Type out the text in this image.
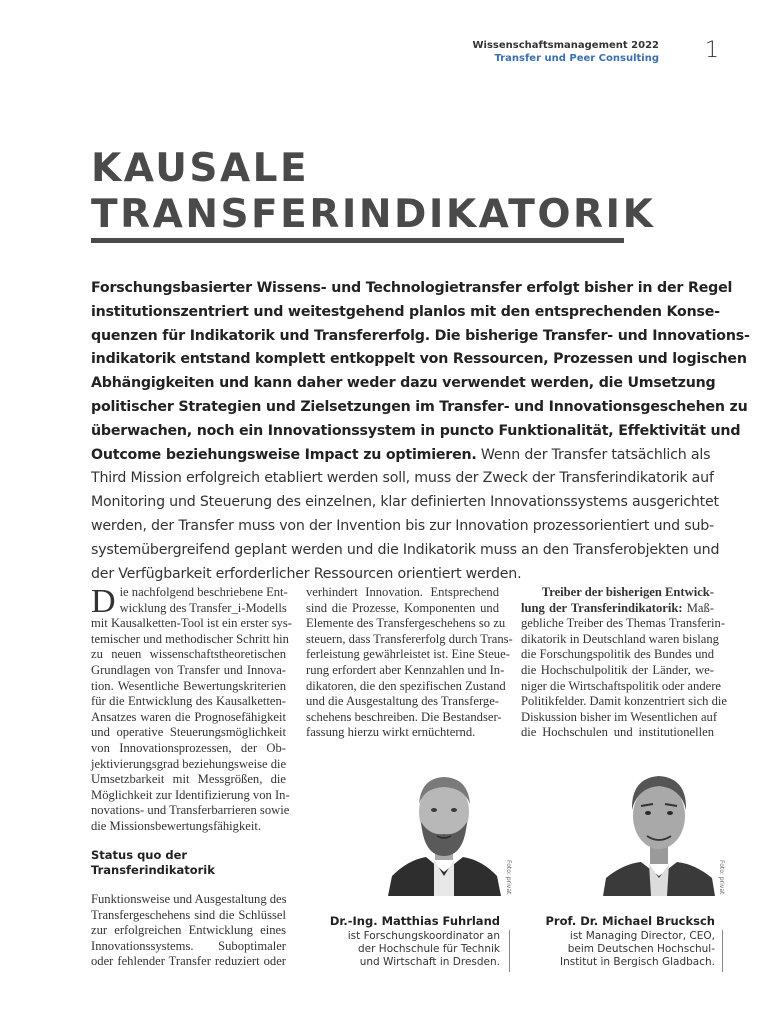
Wissenschaftsmanagement 2022
Transfer und Peer Consulting 1
KAUSALE
TRANSFERINDIKATORIK
Forschungsbasierter Wissens- und Technologietransfer erfolgt bisher in der Regel
institutionszentriert und weitestgehend planlos mit den entsprechenden Konse-
quenzen für Indikatorik und Transfererfolg. Die bisherige Transfer- und Innovations-
indikatorik entstand komplett entkoppelt von Ressourcen, Prozessen und logischen
Abhängigkeiten und kann daher weder dazu verwendet werden, die Umsetzung
politischer Strategien und Zielsetzungen im Transfer- und Innovationsgeschehen zu
überwachen, noch ein Innovationssystem in puncto Funktionalität, Effektivität und
Outcome beziehungsweise Impact zu optimieren. Wenn der Transfer tatsächlich als
Third Mission erfolgreich etabliert werden soll, muss der Zweck der Transferindikatorik auf
Monitoring und Steuerung des einzelnen, klar definierten Innovationssystems ausgerichtet
werden, der Transfer muss von der Invention bis zur Innovation prozessorientiert und sub-
systemübergreifend geplant werden und die Indikatorik muss an den Transferobjekten und
der Verfügbarkeit erforderlicher Ressourcen orientiert werden.
D ie nachfolgend beschriebene Ent-
wicklung des Transfer_i-Modells
mit Kausalketten-Tool ist ein erster sys-
temischer und methodischer Schritt hin
zu neuen wissenschaftstheoretischen
Grundlagen von Transfer und Innova-
tion. Wesentliche Bewertungskriterien
für die Entwicklung des Kausalketten-
Ansatzes waren die Prognosefähigkeit
und operative Steuerungsmöglichkeit
von Innovationsprozessen, der Ob-
jektivierungsgrad beziehungsweise die
Umsetzbarkeit mit Messgrößen, die
Möglichkeit zur Identifizierung von In-
novations- und Transferbarrieren sowie
die Missionsbewertungsfähigkeit.
Status quo der
Transferindikatorik
Funktionsweise und Ausgestaltung des
Transfergeschehens sind die Schlüssel
zur erfolgreichen Entwicklung eines
Innovationssystems. Suboptimaler
oder fehlender Transfer reduziert oder
verhindert Innovation. Entsprechend
sind die Prozesse, Komponenten und
Elemente des Transfergeschehens so zu
steuern, dass Transfererfolg durch Trans-
ferleistung gewährleistet ist. Eine Steue-
rung erfordert aber Kennzahlen und In-
dikatoren, die den spezifischen Zustand
und die Ausgestaltung des Transferge-
schehens beschreiben. Die Bestandser-
fassung hierzu wirkt ernüchternd.
Treiber der bisherigen Entwick-
lung der Transferindikatorik: Maß-
gebliche Treiber des Themas Transferin-
dikatorik in Deutschland waren bislang
die Forschungspolitik des Bundes und
die Hochschulpolitik der Länder, we-
niger die Wirtschaftspolitik oder andere
Politikfelder. Damit konzentriert sich die
Diskussion bisher im Wesentlichen auf
die Hochschulen und institutionellen
Foto: privat
Dr.-Ing. Matthias Fuhrland
ist Forschungskoordinator an
der Hochschule für Technik
und Wirtschaft in Dresden.
Foto: privat
Prof. Dr. Michael Brucksch
ist Managing Director, CEO,
beim Deutschen Hochschul-
Institut in Bergisch Gladbach.
